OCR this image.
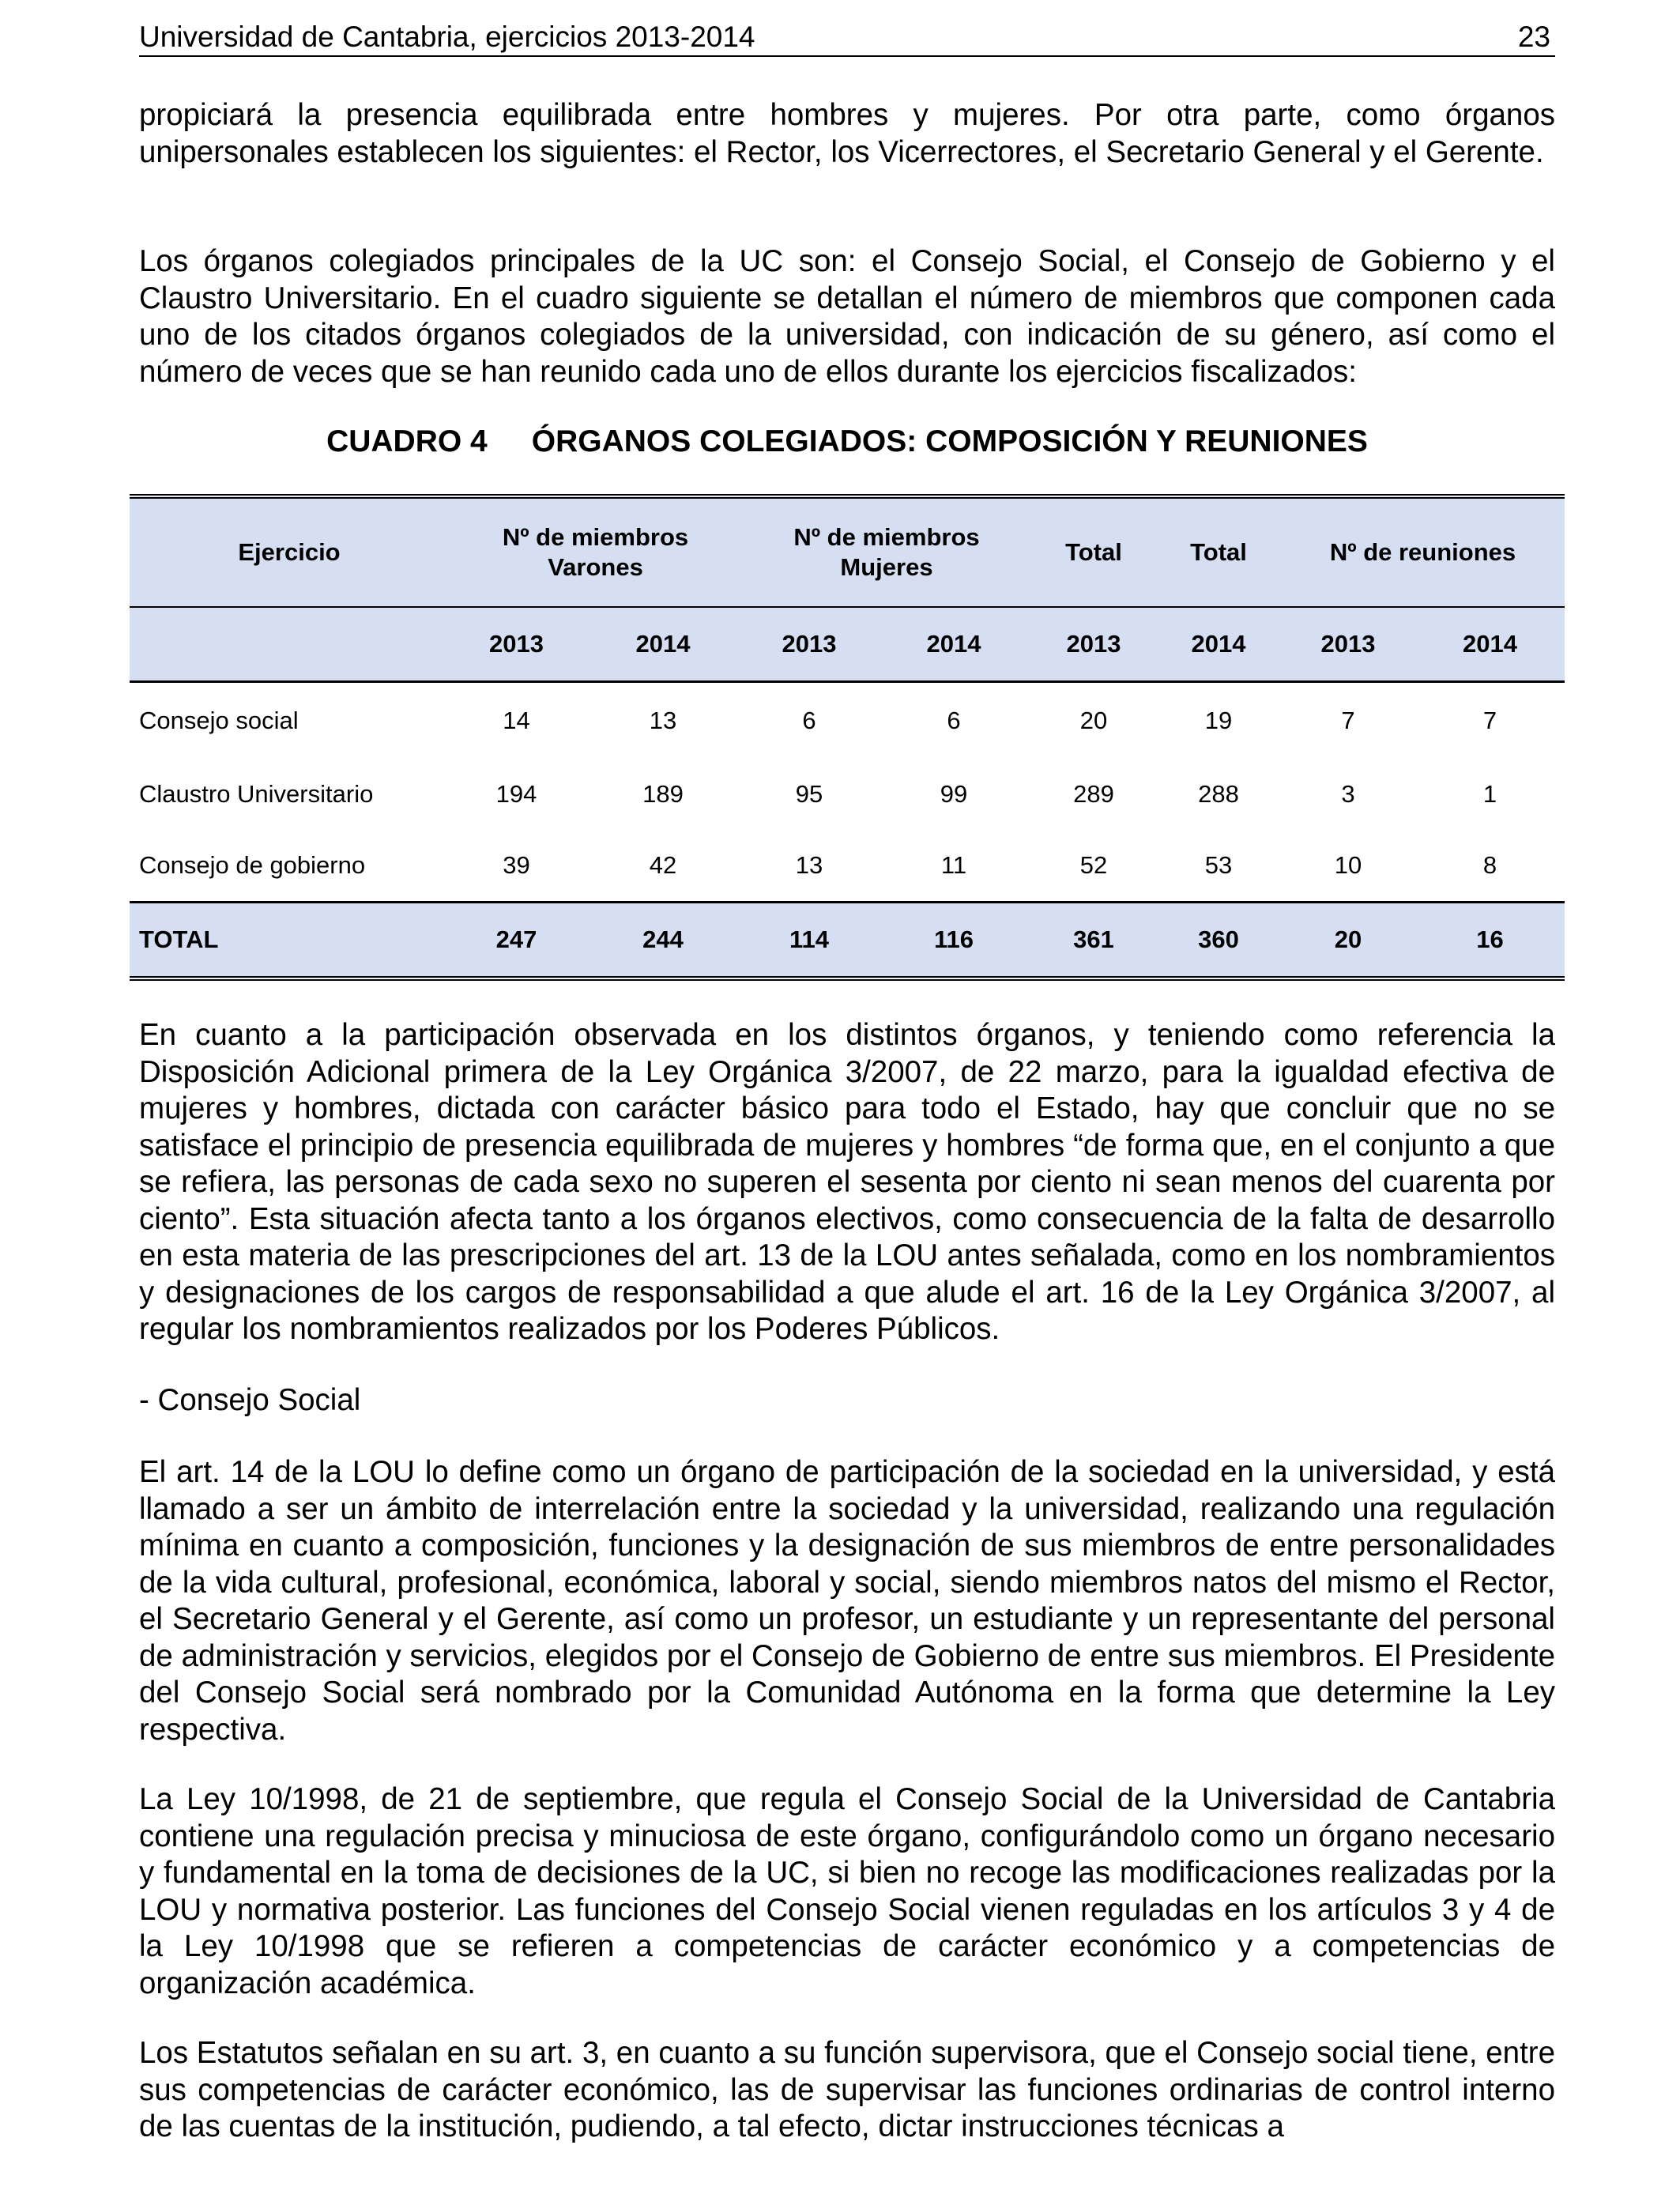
Universidad de Cantabria, ejercicios 2013-2014	23

propiciará la presencia equilibrada entre hombres y mujeres. Por otra parte, como órganos unipersonales establecen los siguientes: el Rector, los Vicerrectores, el Secretario General y el Gerente.

Los órganos colegiados principales de la UC son: el Consejo Social, el Consejo de Gobierno y el Claustro Universitario. En el cuadro siguiente se detallan el número de miembros que componen cada uno de los citados órganos colegiados de la universidad, con indicación de su género, así como el número de veces que se han reunido cada uno de ellos durante los ejercicios fiscalizados:

CUADRO 4 ÓRGANOS COLEGIADOS: COMPOSICIÓN Y REUNIONES
Ejercicio	Nº de miembros Varones		Nº de miembros Mujeres		Total	Total	Nº de reuniones	
	2013	2014	2013	2014	2013	2014	2013	2014
Consejo social	14	13	6	6	20	19	7	7
Claustro Universitario	194	189	95	99	289	288	3	1
Consejo de gobierno	39	42	13	11	52	53	10	8
TOTAL	247	244	114	116	361	360	20	16

En cuanto a la participación observada en los distintos órganos, y teniendo como referencia la Disposición Adicional primera de la Ley Orgánica 3/2007, de 22 marzo, para la igualdad efectiva de mujeres y hombres, dictada con carácter básico para todo el Estado, hay que concluir que no se satisface el principio de presencia equilibrada de mujeres y hombres “de forma que, en el conjunto a que se refiera, las personas de cada sexo no superen el sesenta por ciento ni sean menos del cuarenta por ciento”. Esta situación afecta tanto a los órganos electivos, como consecuencia de la falta de desarrollo en esta materia de las prescripciones del art. 13 de la LOU antes señalada, como en los nombramientos y designaciones de los cargos de responsabilidad a que alude el art. 16 de la Ley Orgánica 3/2007, al regular los nombramientos realizados por los Poderes Públicos.

- Consejo Social

El art. 14 de la LOU lo define como un órgano de participación de la sociedad en la universidad, y está llamado a ser un ámbito de interrelación entre la sociedad y la universidad, realizando una regulación mínima en cuanto a composición, funciones y la designación de sus miembros de entre personalidades de la vida cultural, profesional, económica, laboral y social, siendo miembros natos del mismo el Rector, el Secretario General y el Gerente, así como un profesor, un estudiante y un representante del personal de administración y servicios, elegidos por el Consejo de Gobierno de entre sus miembros. El Presidente del Consejo Social será nombrado por la Comunidad Autónoma en la forma que determine la Ley respectiva.

La Ley 10/1998, de 21 de septiembre, que regula el Consejo Social de la Universidad de Cantabria contiene una regulación precisa y minuciosa de este órgano, configurándolo como un órgano necesario y fundamental en la toma de decisiones de la UC, si bien no recoge las modificaciones realizadas por la LOU y normativa posterior. Las funciones del Consejo Social vienen reguladas en los artículos 3 y 4 de la Ley 10/1998 que se refieren a competencias de carácter económico y a competencias de organización académica.

Los Estatutos señalan en su art. 3, en cuanto a su función supervisora, que el Consejo social tiene, entre sus competencias de carácter económico, las de supervisar las funciones ordinarias de control interno de las cuentas de la institución, pudiendo, a tal efecto, dictar instrucciones técnicas a
